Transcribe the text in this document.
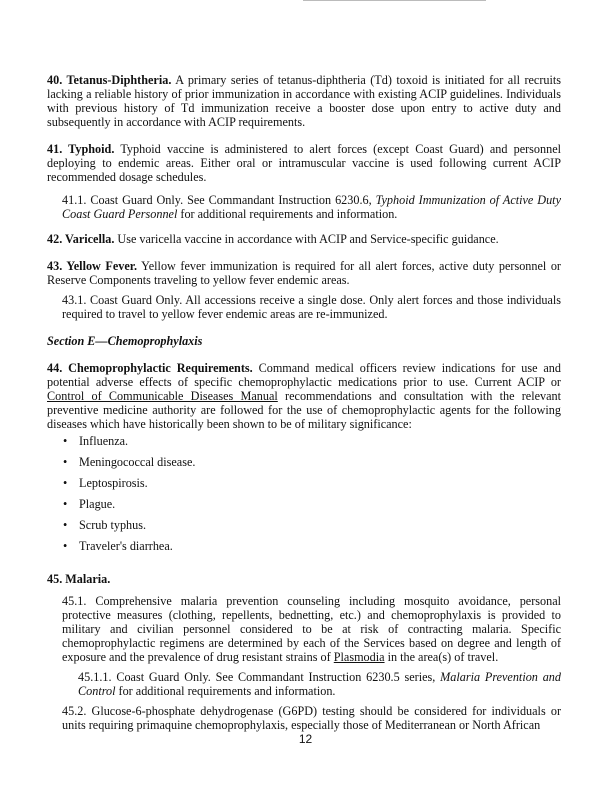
40. Tetanus-Diphtheria. A primary series of tetanus-diphtheria (Td) toxoid is initiated for all recruits lacking a reliable history of prior immunization in accordance with existing ACIP guidelines. Individuals with previous history of Td immunization receive a booster dose upon entry to active duty and subsequently in accordance with ACIP requirements.

41. Typhoid. Typhoid vaccine is administered to alert forces (except Coast Guard) and personnel deploying to endemic areas. Either oral or intramuscular vaccine is used following current ACIP recommended dosage schedules.

41.1. Coast Guard Only. See Commandant Instruction 6230.6, Typhoid Immunization of Active Duty Coast Guard Personnel for additional requirements and information.

42. Varicella. Use varicella vaccine in accordance with ACIP and Service-specific guidance.

43. Yellow Fever. Yellow fever immunization is required for all alert forces, active duty personnel or Reserve Components traveling to yellow fever endemic areas.

43.1. Coast Guard Only. All accessions receive a single dose. Only alert forces and those individuals required to travel to yellow fever endemic areas are re-immunized.

Section E—Chemoprophylaxis

44. Chemoprophylactic Requirements. Command medical officers review indications for use and potential adverse effects of specific chemoprophylactic medications prior to use. Current ACIP or Control of Communicable Diseases Manual recommendations and consultation with the relevant preventive medicine authority are followed for the use of chemoprophylactic agents for the following diseases which have historically been shown to be of military significance:

• Influenza.
• Meningococcal disease.
• Leptospirosis.
• Plague.
• Scrub typhus.
• Traveler's diarrhea.

45. Malaria.

45.1. Comprehensive malaria prevention counseling including mosquito avoidance, personal protective measures (clothing, repellents, bednetting, etc.) and chemoprophylaxis is provided to military and civilian personnel considered to be at risk of contracting malaria. Specific chemoprophylactic regimens are determined by each of the Services based on degree and length of exposure and the prevalence of drug resistant strains of Plasmodia in the area(s) of travel.

45.1.1. Coast Guard Only. See Commandant Instruction 6230.5 series, Malaria Prevention and Control for additional requirements and information.

45.2. Glucose-6-phosphate dehydrogenase (G6PD) testing should be considered for individuals or units requiring primaquine chemoprophylaxis, especially those of Mediterranean or North African

12
